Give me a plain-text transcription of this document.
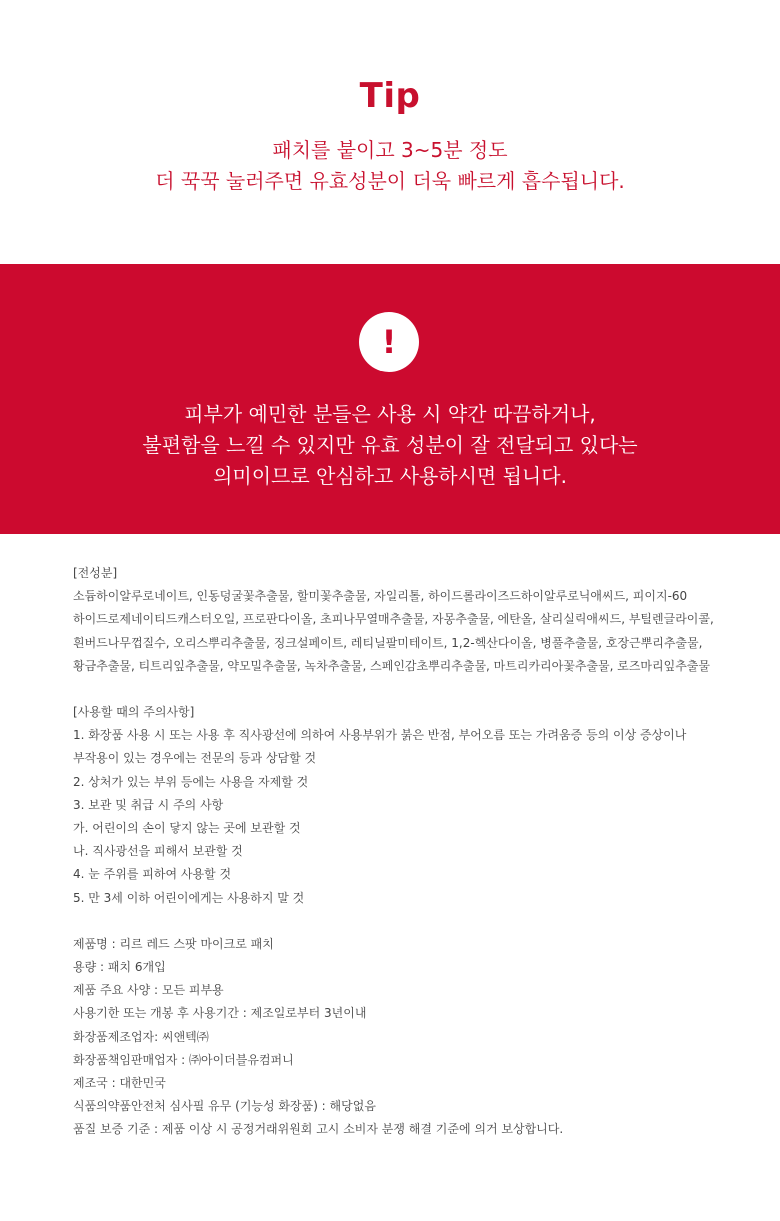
Tip
패치를 붙이고 3~5분 정도
더 꾹꾹 눌러주면 유효성분이 더욱 빠르게 흡수됩니다.
!
피부가 예민한 분들은 사용 시 약간 따끔하거나,
불편함을 느낄 수 있지만 유효 성분이 잘 전달되고 있다는
의미이므로 안심하고 사용하시면 됩니다.
[전성분]
소듐하이알루로네이트, 인동덩굴꽃추출물, 할미꽃추출물, 자일리톨, 하이드롤라이즈드하이알루로닉애씨드, 피이지-60
하이드로제네이티드캐스터오일, 프로판다이올, 초피나무열매추출물, 자몽추출물, 에탄올, 살리실릭애씨드, 부틸렌글라이콜,
흰버드나무껍질수, 오리스뿌리추출물, 징크설페이트, 레티닐팔미테이트, 1,2-헥산다이올, 병풀추출물, 호장근뿌리추출물,
황금추출물, 티트리잎추출물, 약모밀추출물, 녹차추출물, 스페인감초뿌리추출물, 마트리카리아꽃추출물, 로즈마리잎추출물
[사용할 때의 주의사항]
1. 화장품 사용 시 또는 사용 후 직사광선에 의하여 사용부위가 붉은 반점, 부어오름 또는 가려움증 등의 이상 증상이나
부작용이 있는 경우에는 전문의 등과 상담할 것
2. 상처가 있는 부위 등에는 사용을 자제할 것
3. 보관 및 취급 시 주의 사항
가. 어린이의 손이 닿지 않는 곳에 보관할 것
나. 직사광선을 피해서 보관할 것
4. 눈 주위를 피하여 사용할 것
5. 만 3세 이하 어린이에게는 사용하지 말 것
제품명 : 리르 레드 스팟 마이크로 패치
용량 : 패치 6개입
제품 주요 사양 : 모든 피부용
사용기한 또는 개봉 후 사용기간 : 제조일로부터 3년이내
화장품제조업자: 씨앤텍㈜
화장품책임판매업자 : ㈜아이더블유컴퍼니
제조국 : 대한민국
식품의약품안전처 심사필 유무 (기능성 화장품) : 해당없음
품질 보증 기준 : 제품 이상 시 공정거래위원회 고시 소비자 분쟁 해결 기준에 의거 보상합니다.
